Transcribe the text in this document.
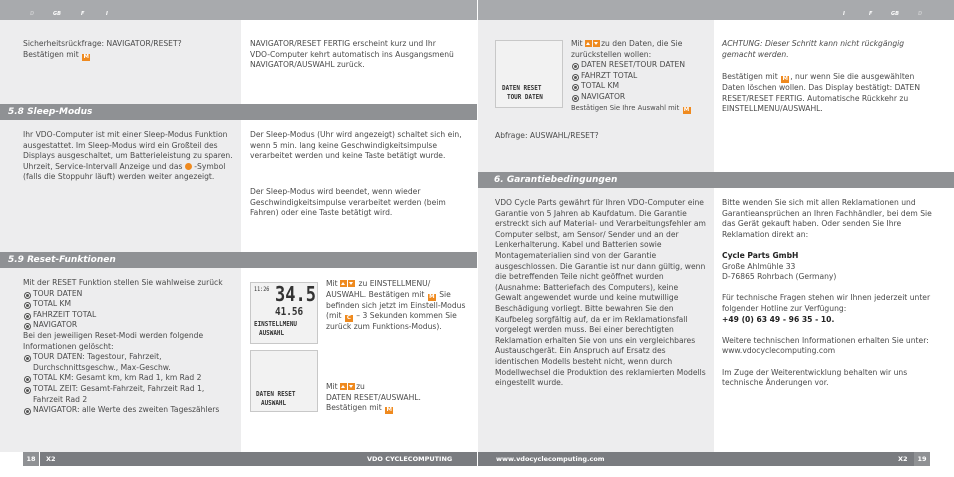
D	GB	F	I	I	F	GB	D

Sicherheitsrückfrage: NAVIGATOR/RESET?

Bestätigen mit M

NAVIGATOR/RESET FERTIG erscheint kurz und Ihr VDO-Computer kehrt automatisch ins Ausgangsmenü NAVIGATOR/AUSWAHL zurück.
5.8 Sleep-Modus
Ihr VDO-Computer ist mit einer Sleep-Modus Funktion ausgestattet. Im Sleep-Modus wird ein Großteil des Displays ausgeschaltet, um Batterieleistung zu sparen. Uhrzeit, Service-Intervall Anzeige und das -Symbol (falls die Stoppuhr läuft) werden weiter angezeigt.
Der Sleep-Modus (Uhr wird angezeigt) schaltet sich ein, wenn 5 min. lang keine Geschwindigkeitsimpulse verarbeitet werden und keine Taste betätigt wurde.
Der Sleep-Modus wird beendet, wenn wieder Geschwindigkeitsimpulse verarbeitet werden (beim Fahren) oder eine Taste betätigt wird.
5.9 Reset-Funktionen

Mit der RESET Funktion stellen Sie wahlweise zurück

TOUR DATEN
TOTAL KM
FAHRZEIT TOTAL
NAVIGATOR

Bei den jeweiligen Reset-Modi werden folgende Informationen gelöscht:

TOUR DATEN: Tagestour, Fahrzeit, Durchschnittsgeschw., Max-Geschw.
TOTAL KM: Gesamt km, km Rad 1, km Rad 2
TOTAL ZEIT: Gesamt-Fahrzeit, Fahrzeit Rad 1, Fahrzeit Rad 2
NAVIGATOR: alle Werte des zweiten Tageszählers
11:26 34.5
41.56
EINSTELLMENU
AUSWAHL
Mit	zu EINSTELLMENU/ AUSWAHL. Bestätigen mit M Sie befinden sich jetzt im Einstell-Modus (mit C – 3 Sekunden kommen Sie zurück zum Funktions-Modus).
DATEN RESET
AUSWAHL

Mit zu

DATEN RESET/AUSWAHL.

Bestätigen mit M

X2	VDO CYCLECOMPUTING
18
DATEN RESET
TOUR DATEN

Mit zu den Daten, die Sie zurückstellen wollen:

DATEN RESET/TOUR DATEN
FAHRZT TOTAL
TOTAL KM
NAVIGATOR

Bestätigen Sie Ihre Auswahl mit M

Abfrage: AUSWAHL/RESET?
ACHTUNG: Dieser Schritt kann nicht rückgängig gemacht werden.
Bestätigen mit M , nur wenn Sie die ausgewählten Daten löschen wollen. Das Display bestätigt: DATEN RESET/RESET FERTIG. Automatische Rückkehr zu EINSTELLMENU/AUSWAHL.
6. Garantiebedingungen
VDO Cycle Parts gewährt für Ihren VDO-Computer eine Garantie von 5 Jahren ab Kaufdatum. Die Garantie erstreckt sich auf Material- und Verarbeitungsfehler am Computer selbst, am Sensor/ Sender und an der Lenkerhalterung. Kabel und Batterien sowie Montagematerialien sind von der Garantie ausgeschlossen. Die Garantie ist nur dann gültig, wenn die betreffenden Teile nicht geöffnet wurden (Ausnahme: Batteriefach des Computers), keine Gewalt angewendet wurde und keine mutwillige Beschädigung vorliegt. Bitte bewahren Sie den Kaufbeleg sorgfältig auf, da er im Reklamationsfall vorgelegt werden muss. Bei einer berechtigten Reklamation erhalten Sie von uns ein vergleichbares Austauschgerät. Ein Anspruch auf Ersatz des identischen Modells besteht nicht, wenn durch Modellwechsel die Produktion des reklamierten Modells eingestellt wurde.

Bitte wenden Sie sich mit allen Reklamationen und Garantieansprüchen an Ihren Fachhändler, bei dem Sie das Gerät gekauft haben. Oder senden Sie Ihre Reklamation direkt an:

Cycle Parts GmbH

Große Ahlmühle 33

D-76865 Rohrbach (Germany)

Für technische Fragen stehen wir Ihnen jederzeit unter folgender Hotline zur Verfügung:

+49 (0) 63 49 - 96 35 - 10.

Weitere technischen Informationen erhalten Sie unter: www.vdocyclecomputing.com

Im Zuge der Weiterentwicklung behalten wir uns technische Änderungen vor.

www.vdocyclecomputing.com	X2	19
